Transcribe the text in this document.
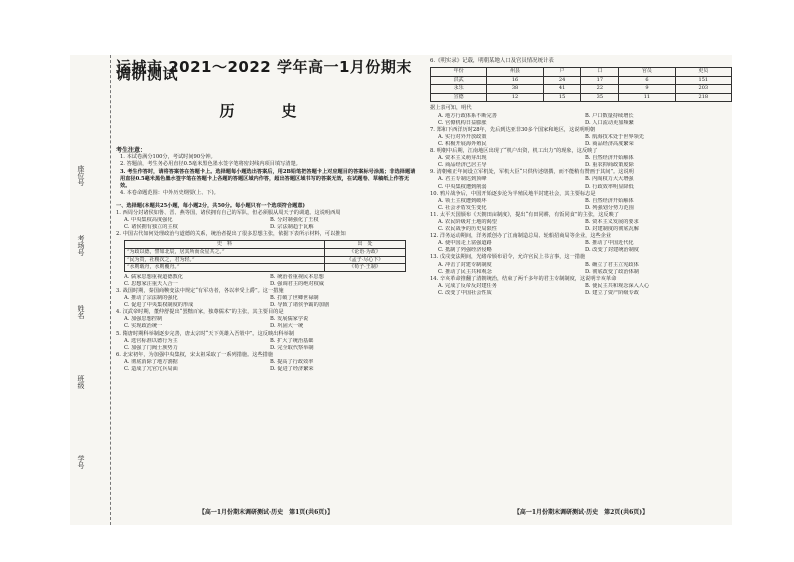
座位号
考场号
姓名
班级
学号
运城市 2021～2022 学年高一1月份期末调研测试
历　史
考生注意：

1. 本试卷满分100分，考试时间90分钟。

2. 答题前，考生务必用直径0.5毫米黑色墨水签字笔将密封线内项目填写清楚。

3. 考生作答时，请将答案答在答题卡上。选择题每小题选出答案后，用2B铅笔把答题卡上对应题目的答案标号涂黑；非选择题请用直径0.5毫米黑色墨水签字笔在答题卡上各题的答题区域内作答，超出答题区域书写的答案无效，在试题卷、草稿纸上作答无效。

4. 本卷命题范围：中外历史纲要(上、下)。

一、选择题(本题共25小题，每小题2分，共50分。每小题只有一个选项符合题意)

1. 西周分封诸侯如鲁、晋、燕等国，诸侯拥有自己的军队，但必须服从周天子的调遣。这说明西周

A. 中央集权高度强化	B. 分封制强化了王权
C. 诸侯拥有独立的主权	D. 宗法制趋于瓦解

2. 中国古代如何处理政治与道德的关系，统治者提出了很多思想主张，依据下表所示材料，可以推知

史　料	出　处
“为政以德，譬如北辰，居其所而众星共之。”	《论语·为政》
“民为贵，社稷次之，君为轻。”	《孟子·尽心下》
“水则载舟，水则覆舟。”	《荀子·王制》
A. 儒家思想重视道德教化	B. 统治者重视民本思想
C. 思想家注重天人合一	D. 强调君主的绝对权威

3. 战国时期，秦国商鞅变法中规定“有军功者，各以率受上爵”。这一措施

A. 推动了宗法制的强化	B. 打破了世卿世禄制
C. 促进了中央集权制度的形成	D. 导致了诸侯争霸的加剧

4. 汉武帝时期，董仲舒提出“罢黜百家，独尊儒术”的主张，其主要目的是

A. 加强思想控制	B. 发展儒家学说
C. 实现政治统一	D. 巩固大一统

5. 隋唐时期科举制逐步完善，唐太宗时“天下英雄入吾彀中”。这反映出科举制

A. 选官标准以德行为主	B. 扩大了统治基础
C. 加强了门阀士族势力	D. 完全取代察举制

6. 北宋初年，为加强中央集权，宋太祖采取了一系列措施。这些措施

A. 彻底消除了地方割据	B. 提高了行政效率
C. 造成了冗官冗兵局面	D. 促进了经济繁荣
【高一1月份期末调研测试·历史　第1页(共6页)】
6.《明实录》记载，明朝某地人口及官员情况统计表
年份	州县	户	口	官员	吏员
洪武	16	24	17	6	151
永乐	38	41	22	9	203
宣德	12	15	35	11	218

据上表可知，明代

A. 地方行政体系不断完善	B. 户口数量持续增长
C. 官僚机构日益膨胀	D. 人口流动更加频繁

7. 郑和下西洋历时28年，先后到达亚非30多个国家和地区，这说明明朝

A. 实行对外开放政策	B. 航海技术处于世界领先
C. 积极开展海外殖民	D. 商品经济高度繁荣

8. 明朝中后期，江南地区出现了“机户出资，机工出力”的现象，这反映了

A. 资本主义萌芽出现	B. 自然经济开始解体
C. 商品经济已居主导	D. 重农抑商政策废除

9. 清朝雍正年间设立军机处，军机大臣“只供传述缮撰，而不能稍有赞画于其间”。这说明

A. 君主专制达到顶峰	B. 内阁权力大大增强
C. 中央集权遭到削弱	D. 行政效率明显降低

10. 鸦片战争后，中国开始逐步沦为半殖民地半封建社会，其主要标志是

A. 领土主权遭到破坏	B. 自然经济开始解体
C. 社会矛盾发生变化	D. 列强划分势力范围

11. 太平天国颁布《天朝田亩制度》，提出“有田同耕，有饭同食”的主张，这反映了

A. 农民阶级对土地的渴望	B. 资本主义发展的要求
C. 农民战争的历史局限性	D. 封建制度的彻底瓦解

12. 洋务运动期间，洋务派创办了江南制造总局、轮船招商局等企业，这些企业

A. 使中国走上富强道路	B. 推动了中国近代化
C. 抵制了列强经济侵略	D. 改变了封建统治制度

13. 戊戌变法期间，光绪帝颁布诏令，允许官民上书言事，这一措施

A. 冲击了封建专制制度	B. 确立了君主立宪政体
C. 推动了民主共和观念	D. 彻底改变了政治体制

14. 辛亥革命推翻了清朝统治，结束了两千多年的君主专制制度，这说明辛亥革命

A. 完成了反帝反封建任务	B. 使民主共和观念深入人心
C. 改变了中国社会性质	D. 建立了资产阶级专政
【高一1月份期末调研测试·历史　第2页(共6页)】
